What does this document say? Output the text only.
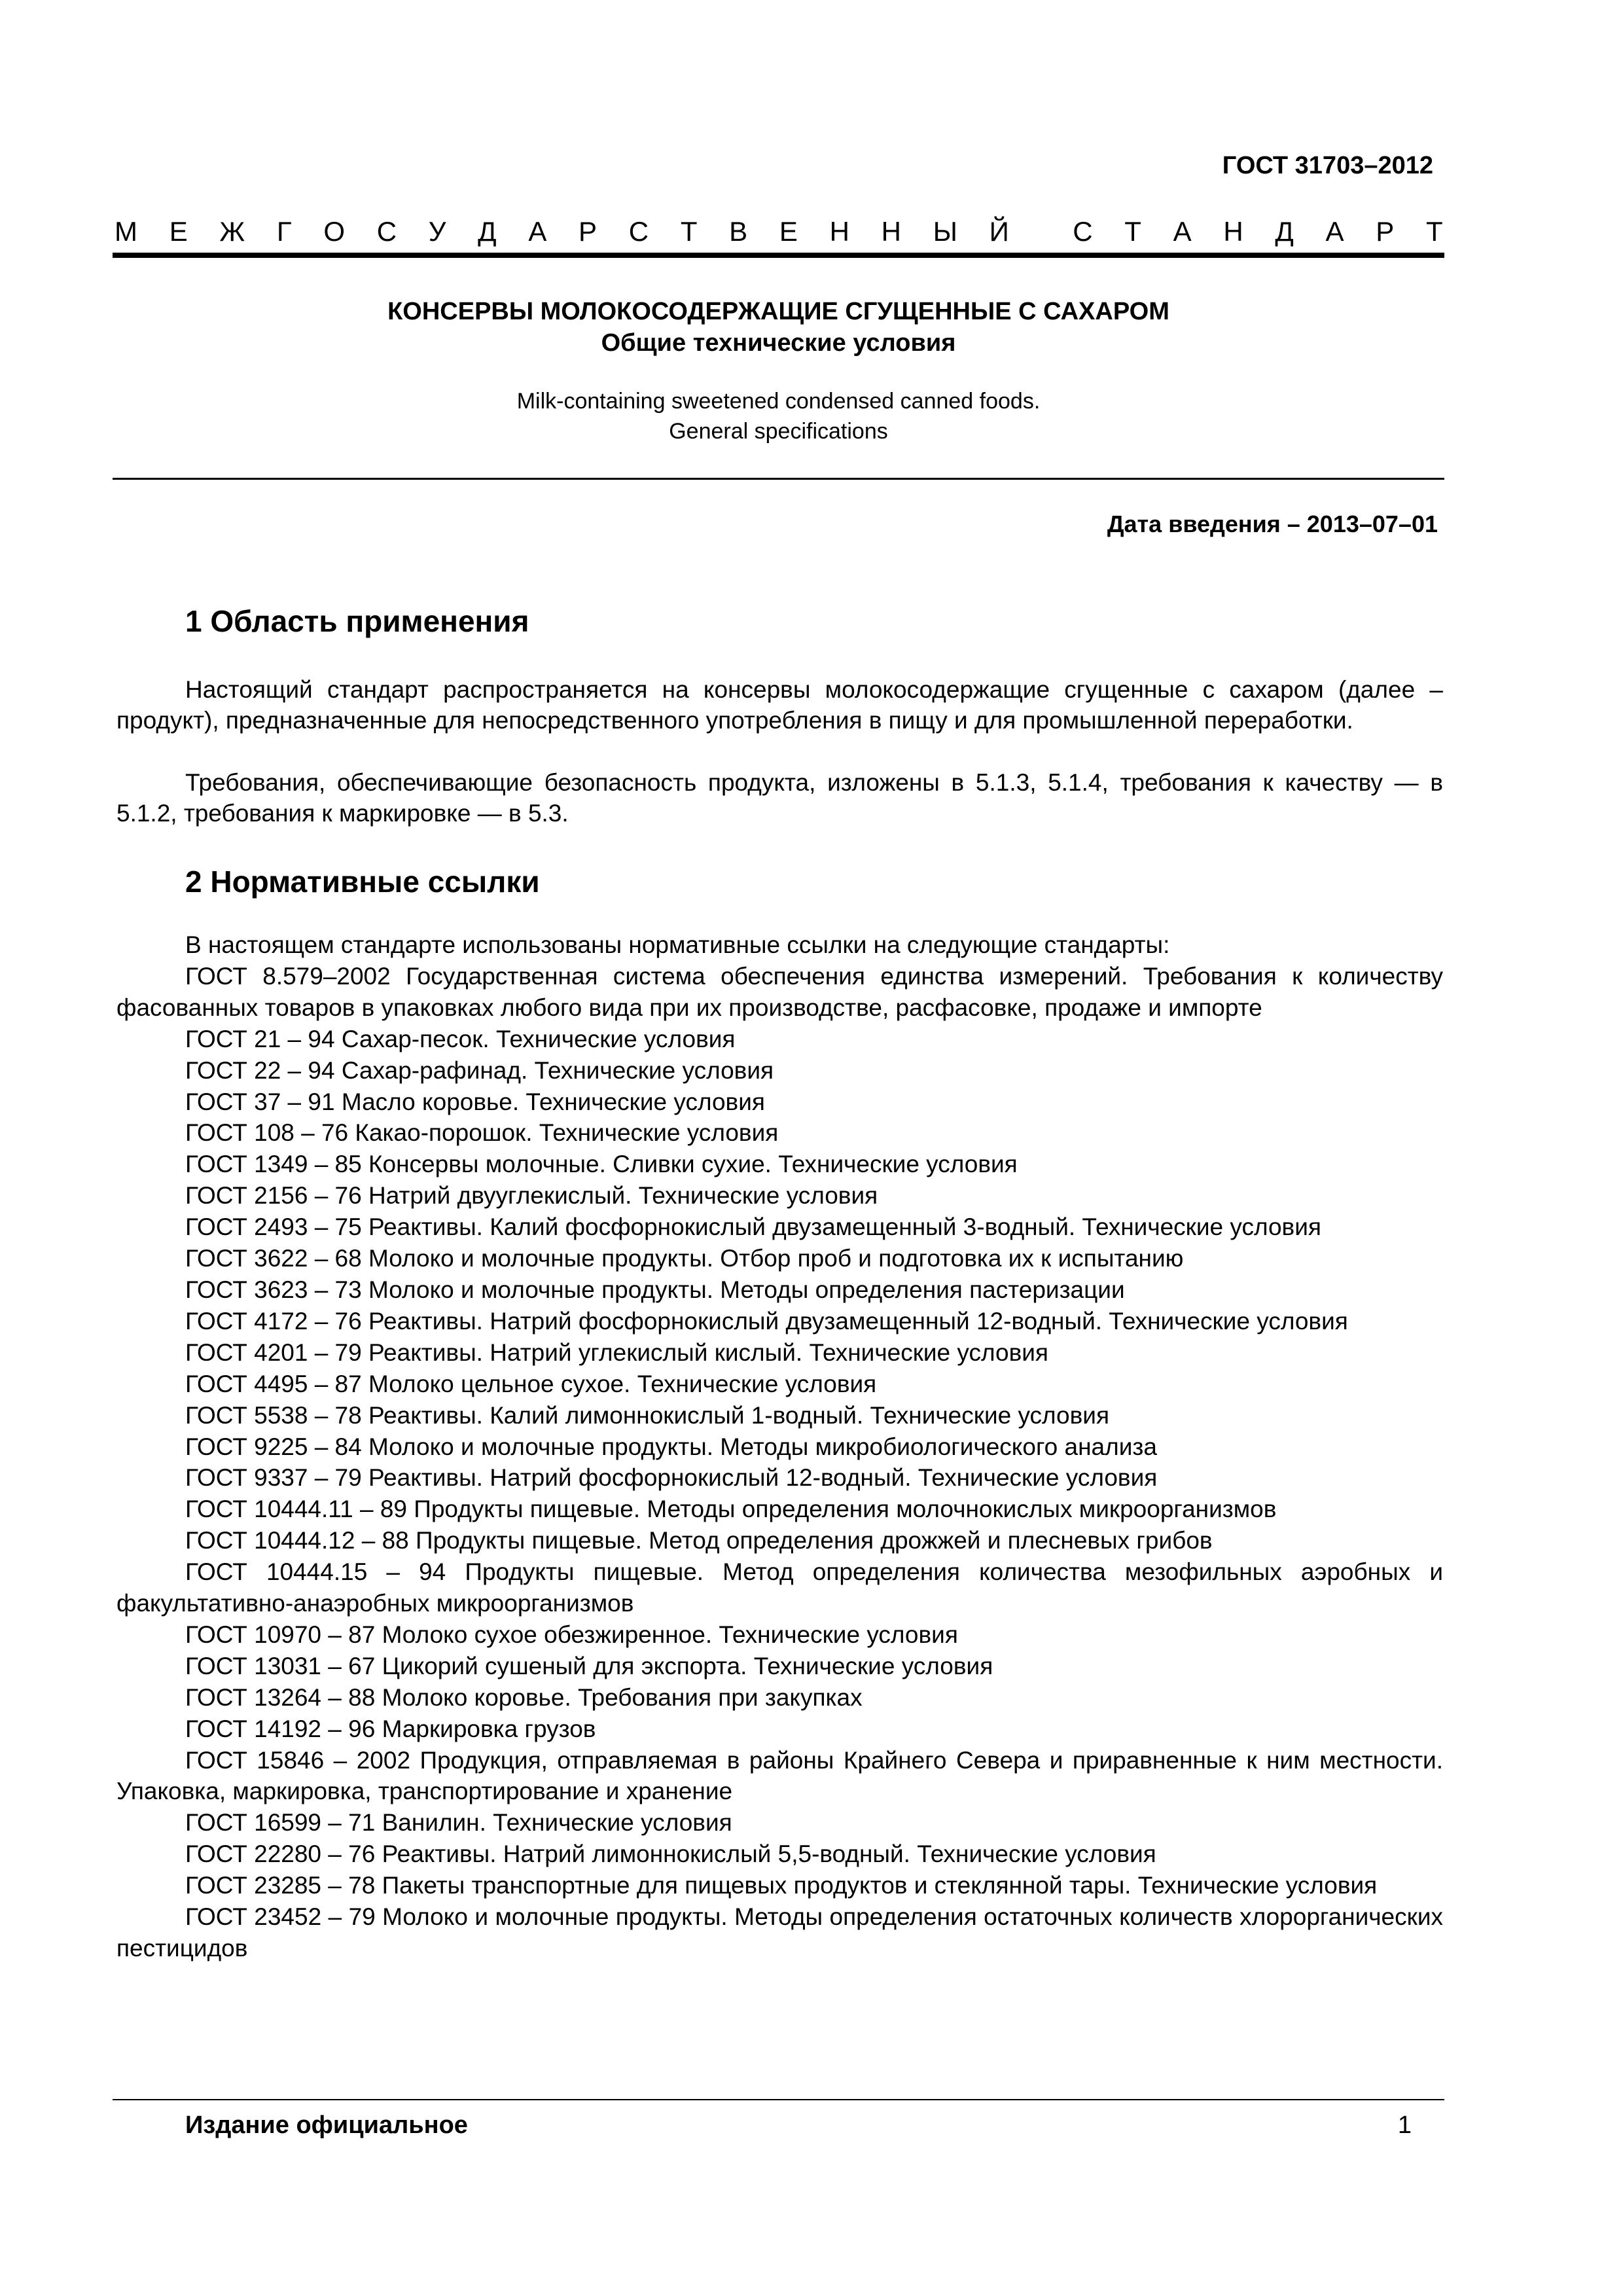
ГОСТ 31703–2012
М Е Ж Г О С У Д А Р С Т В Е Н Н Ы Й С Т А Н Д А Р Т
КОНСЕРВЫ МОЛОКОСОДЕРЖАЩИЕ СГУЩЕННЫЕ С САХАРОМ
Общие технические условия
Milk-containing sweetened condensed canned foods.
General specifications
Дата введения – 2013–07–01
1 Область применения
Настоящий стандарт распространяется на консервы молокосодержащие сгущенные с сахаром (далее – продукт), предназначенные для непосредственного употребления в пищу и для промышленной переработки.
Требования, обеспечивающие безопасность продукта, изложены в 5.1.3, 5.1.4, требования к качеству — в 5.1.2, требования к маркировке — в 5.3.
2 Нормативные ссылки
В настоящем стандарте использованы нормативные ссылки на следующие стандарты:
ГОСТ 8.579–2002 Государственная система обеспечения единства измерений. Требования к количеству фасованных товаров в упаковках любого вида при их производстве, расфасовке, продаже и импорте
ГОСТ 21 – 94 Сахар-песок. Технические условия
ГОСТ 22 – 94 Сахар-рафинад. Технические условия
ГОСТ 37 – 91 Масло коровье. Технические условия
ГОСТ 108 – 76 Какао-порошок. Технические условия
ГОСТ 1349 – 85 Консервы молочные. Сливки сухие. Технические условия
ГОСТ 2156 – 76 Натрий двууглекислый. Технические условия
ГОСТ 2493 – 75 Реактивы. Калий фосфорнокислый двузамещенный 3-водный. Технические условия
ГОСТ 3622 – 68 Молоко и молочные продукты. Отбор проб и подготовка их к испытанию
ГОСТ 3623 – 73 Молоко и молочные продукты. Методы определения пастеризации
ГОСТ 4172 – 76 Реактивы. Натрий фосфорнокислый двузамещенный 12-водный. Технические условия
ГОСТ 4201 – 79 Реактивы. Натрий углекислый кислый. Технические условия
ГОСТ 4495 – 87 Молоко цельное сухое. Технические условия
ГОСТ 5538 – 78 Реактивы. Калий лимоннокислый 1-водный. Технические условия
ГОСТ 9225 – 84 Молоко и молочные продукты. Методы микробиологического анализа
ГОСТ 9337 – 79 Реактивы. Натрий фосфорнокислый 12-водный. Технические условия
ГОСТ 10444.11 – 89 Продукты пищевые. Методы определения молочнокислых микроорганизмов
ГОСТ 10444.12 – 88 Продукты пищевые. Метод определения дрожжей и плесневых грибов
ГОСТ 10444.15 – 94 Продукты пищевые. Метод определения количества мезофильных аэробных и факультативно-анаэробных микроорганизмов
ГОСТ 10970 – 87 Молоко сухое обезжиренное. Технические условия
ГОСТ 13031 – 67 Цикорий сушеный для экспорта. Технические условия
ГОСТ 13264 – 88 Молоко коровье. Требования при закупках
ГОСТ 14192 – 96 Маркировка грузов
ГОСТ 15846 – 2002 Продукция, отправляемая в районы Крайнего Севера и приравненные к ним местности. Упаковка, маркировка, транспортирование и хранение
ГОСТ 16599 – 71 Ванилин. Технические условия
ГОСТ 22280 – 76 Реактивы. Натрий лимоннокислый 5,5-водный. Технические условия
ГОСТ 23285 – 78 Пакеты транспортные для пищевых продуктов и стеклянной тары. Технические условия
ГОСТ 23452 – 79 Молоко и молочные продукты. Методы определения остаточных количеств хлорорганических пестицидов
Издание официальное	1
